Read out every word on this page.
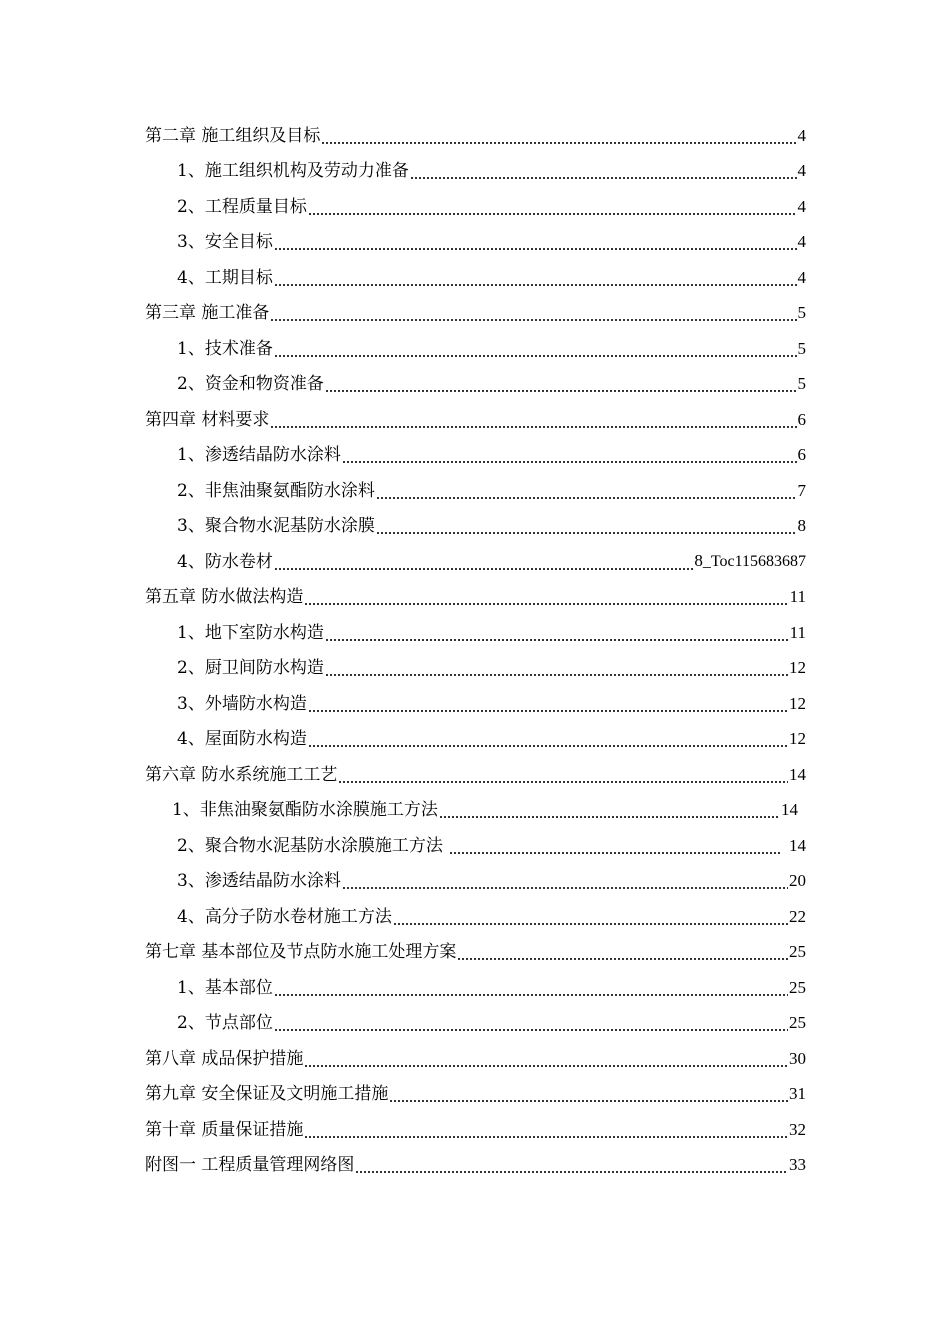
第二章 施工组织及目标	4
1、施工组织机构及劳动力准备	4
2、工程质量目标	4
3、安全目标	4
4、工期目标	4
第三章 施工准备	5
1、技术准备	5
2、资金和物资准备	5
第四章 材料要求	6
1、渗透结晶防水涂料	6
2、非焦油聚氨酯防水涂料	7
3、聚合物水泥基防水涂膜	8
4、防水卷材	8_Toc115683687
第五章 防水做法构造	11
1、地下室防水构造	11
2、厨卫间防水构造	12
3、外墙防水构造	12
4、屋面防水构造	12
第六章 防水系统施工工艺	14
1、非焦油聚氨酯防水涂膜施工方法	14
2、聚合物水泥基防水涂膜施工方法	14
3、渗透结晶防水涂料	20
4、高分子防水卷材施工方法	22
第七章 基本部位及节点防水施工处理方案	25
1、基本部位	25
2、节点部位	25
第八章 成品保护措施	30
第九章 安全保证及文明施工措施	31
第十章 质量保证措施	32
附图一 工程质量管理网络图	33
